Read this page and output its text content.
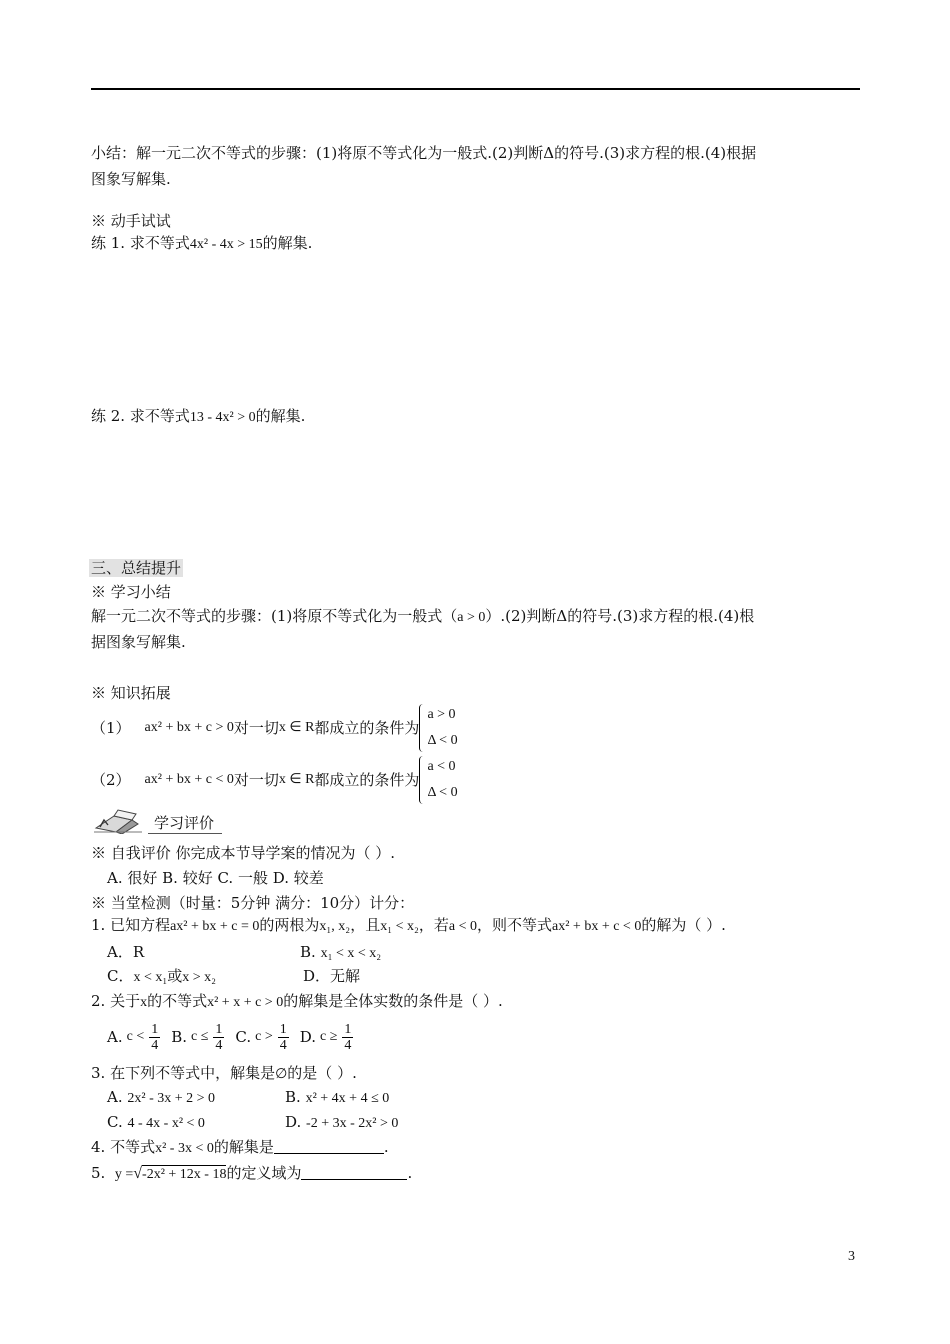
小结：解一元二次不等式的步骤：(1)将原不等式化为一般式.(2)判断Δ的符号.(3)求方程的根.(4)根据
图象写解集.
※ 动手试试
练 1. 求不等式4x² - 4x > 15的解集.
练 2. 求不等式13 - 4x² > 0的解集.
三、总结提升
※ 学习小结
解一元二次不等式的步骤：(1)将原不等式化为一般式（a > 0）.(2)判断Δ的符号.(3)求方程的根.(4)根
据图象写解集.
※ 知识拓展
（1） ax² + bx + c > 0 对一切 x ∈ R 都成立的条件为
a > 0
Δ < 0
（2） ax² + bx + c < 0 对一切 x ∈ R 都成立的条件为
a < 0
Δ < 0
学习评价
※ 自我评价 你完成本节导学案的情况为（ ）.
A. 很好 B. 较好 C. 一般 D. 较差
※ 当堂检测（时量：5分钟 满分：10分）计分：
1. 已知方程ax² + bx + c = 0的两根为x₁, x₂，且x₁ < x₂，若a < 0，则不等式ax² + bx + c < 0的解为（ ）.
A．R	B. x₁ < x < x₂
C．x < x₁或x > x₂	D．无解
2. 关于x的不等式x² + x + c > 0的解集是全体实数的条件是（ ）.
A. $c < \frac{1}{4} B$. $c \le \frac{1}{4} C$. $c > \frac{1}{4} D$. $c \ge \frac{1}{4}$
3. 在下列不等式中，解集是∅的是（ ）.
A. 2x² - 3x + 2 > 0	B. x² + 4x + 4 ≤ 0
C. 4 - 4x - x² < 0	D. -2 + 3x - 2x² > 0
4. 不等式x² - 3x < 0的解集是	.
5. y =√-2x² + 12x - 18的定义域为	.
3
